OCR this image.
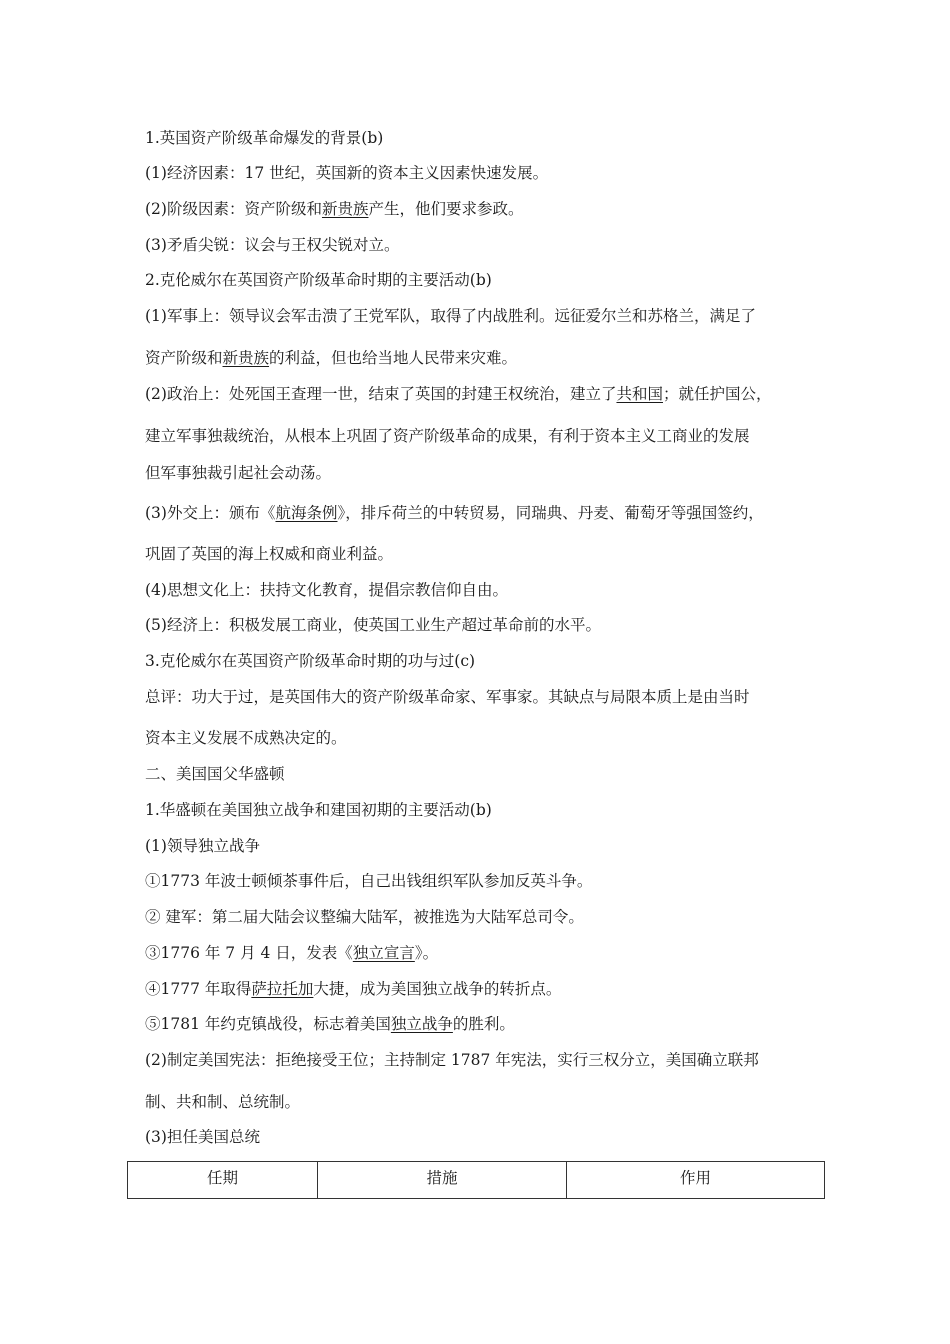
1.英国资产阶级革命爆发的背景(b)
(1)经济因素：17 世纪，英国新的资本主义因素快速发展。
(2)阶级因素：资产阶级和新贵族产生，他们要求参政。
(3)矛盾尖锐：议会与王权尖锐对立。
2.克伦威尔在英国资产阶级革命时期的主要活动(b)
(1)军事上：领导议会军击溃了王党军队，取得了内战胜利。远征爱尔兰和苏格兰，满足了
资产阶级和新贵族的利益，但也给当地人民带来灾难。
(2)政治上：处死国王查理一世，结束了英国的封建王权统治，建立了共和国；就任护国公，
建立军事独裁统治，从根本上巩固了资产阶级革命的成果，有利于资本主义工商业的发展
但军事独裁引起社会动荡。
(3)外交上：颁布《航海条例》，排斥荷兰的中转贸易，同瑞典、丹麦、葡萄牙等强国签约，
巩固了英国的海上权威和商业利益。
(4)思想文化上：扶持文化教育，提倡宗教信仰自由。
(5)经济上：积极发展工商业，使英国工业生产超过革命前的水平。
3.克伦威尔在英国资产阶级革命时期的功与过(c)
总评：功大于过，是英国伟大的资产阶级革命家、军事家。其缺点与局限本质上是由当时
资本主义发展不成熟决定的。
二、美国国父华盛顿
1.华盛顿在美国独立战争和建国初期的主要活动(b)
(1)领导独立战争
①1773 年波士顿倾茶事件后，自己出钱组织军队参加反英斗争。
② 建军：第二届大陆会议整编大陆军，被推选为大陆军总司令。
③1776 年 7 月 4 日，发表《独立宣言》。
④1777 年取得萨拉托加大捷，成为美国独立战争的转折点。
⑤1781 年约克镇战役，标志着美国独立战争的胜利。
(2)制定美国宪法：拒绝接受王位；主持制定 1787 年宪法，实行三权分立，美国确立联邦
制、共和制、总统制。
(3)担任美国总统
任期	措施	作用
